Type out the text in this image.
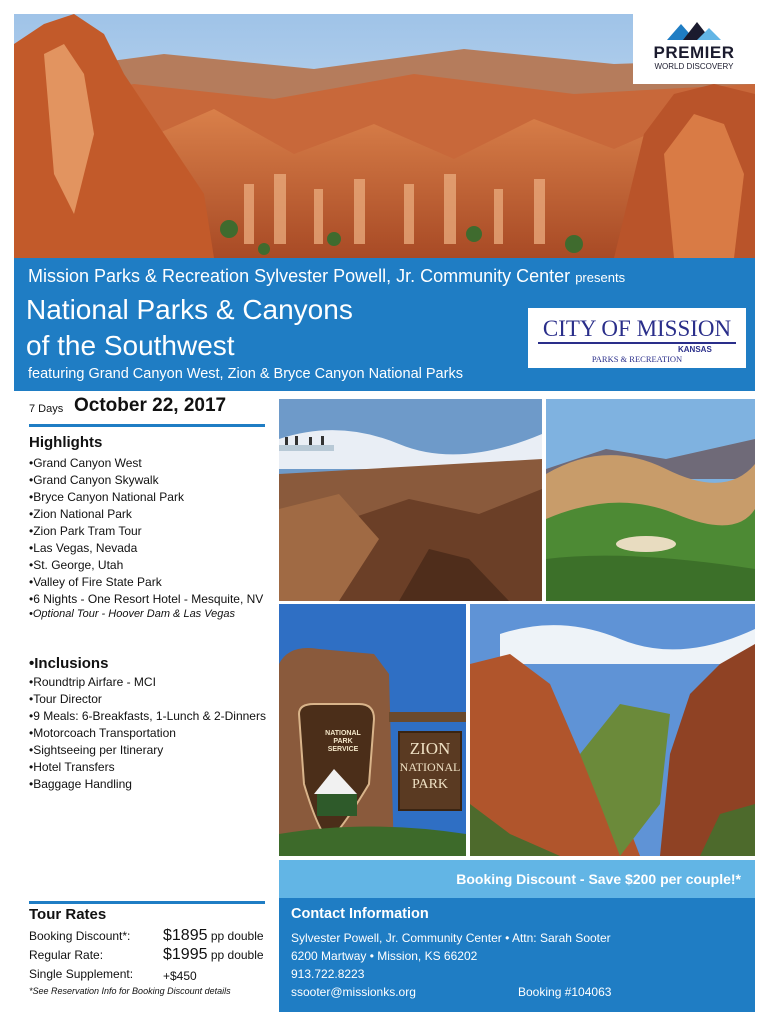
PREMIER
WORLD DISCOVERY
Mission Parks & Recreation Sylvester Powell, Jr. Community Center presents
National Parks & Canyons
of the Southwest
featuring Grand Canyon West, Zion & Bryce Canyon National Parks
CITY OF MISSION
KANSAS
PARKS & RECREATION
7 Days October 22, 2017
Highlights
•Grand Canyon West
•Grand Canyon Skywalk
•Bryce Canyon National Park
•Zion National Park
•Zion Park Tram Tour
•Las Vegas, Nevada
•St. George, Utah
•Valley of Fire State Park
•6 Nights - One Resort Hotel - Mesquite, NV
•Optional Tour - Hoover Dam & Las Vegas
•Inclusions
•Roundtrip Airfare - MCI
•Tour Director
•9 Meals: 6-Breakfasts, 1-Lunch & 2-Dinners
•Motorcoach Transportation
•Sightseeing per Itinerary
•Hotel Transfers
•Baggage Handling
NATIONAL
PARK
SERVICE	ZION
NATIONAL
PARK
Booking Discount - Save $200 per couple!*
Tour Rates
Booking Discount*: $1895 pp double
Regular Rate:	$1995 pp double
Single Supplement: +$450
*See Reservation Info for Booking Discount details
Contact Information
Sylvester Powell, Jr. Community Center • Attn: Sarah Sooter
6200 Martway • Mission, KS 66202
913.722.8223
ssooter@missionks.org	Booking #104063
